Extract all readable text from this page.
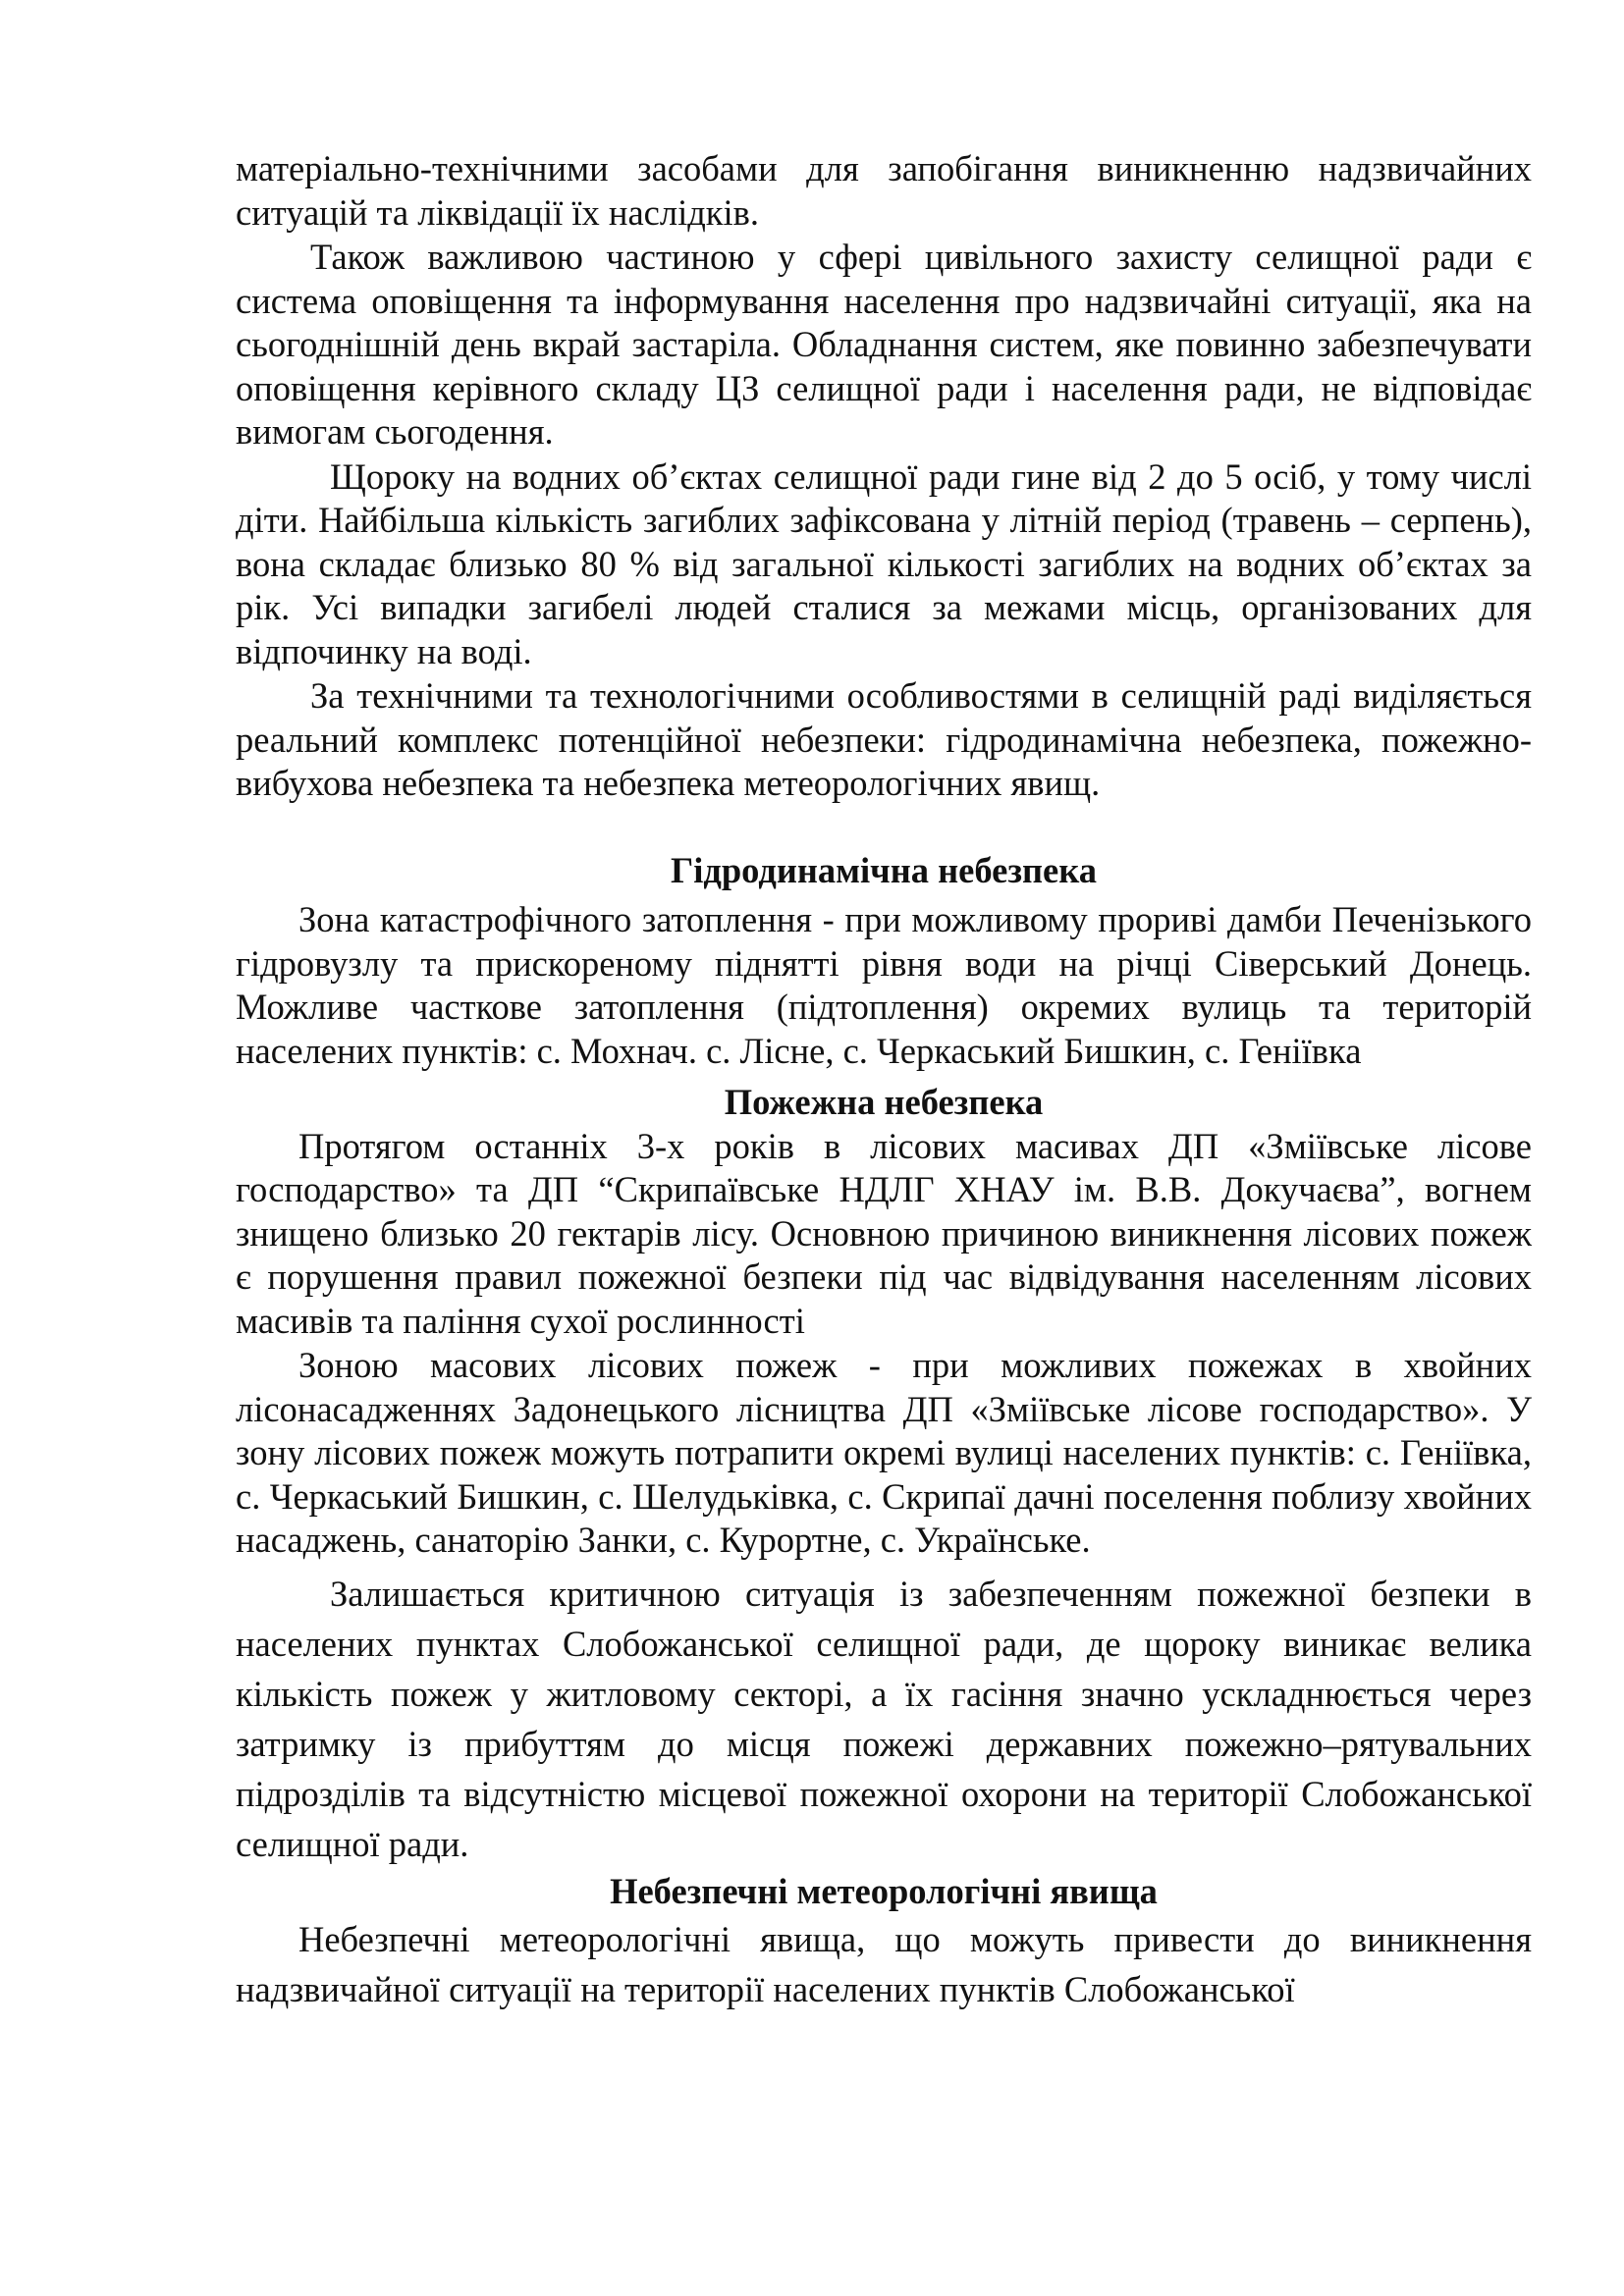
матеріально-технічними засобами для запобігання виникненню надзвичайних ситуацій та ліквідації їх наслідків.

Також важливою частиною у сфері цивільного захисту селищної ради є система оповіщення та інформування населення про надзвичайні ситуації, яка на сьогоднішній день вкрай застаріла. Обладнання систем, яке повинно забезпечувати оповіщення керівного складу ЦЗ селищної ради і населення ради, не відповідає вимогам сьогодення.

Щороку на водних об’єктах селищної ради гине від 2 до 5 осіб, у тому числі діти. Найбільша кількість загиблих зафіксована у літній період (травень – серпень), вона складає близько 80 % від загальної кількості загиблих на водних об’єктах за рік. Усі випадки загибелі людей сталися за межами місць, організованих для відпочинку на воді.

За технічними та технологічними особливостями в селищній раді виділяється реальний комплекс потенційної небезпеки: гідродинамічна небезпека, пожежно-вибухова небезпека та небезпека метеорологічних явищ.

Гідродинамічна небезпека

Зона катастрофічного затоплення - при можливому прориві дамби Печенізького гідровузлу та прискореному піднятті рівня води на річці Сіверський Донець. Можливе часткове затоплення (підтоплення) окремих вулиць та територій населених пунктів: с. Мохнач. с. Лісне, с. Черкаський Бишкин, с. Геніївка

Пожежна небезпека

Протягом останніх 3-х років в лісових масивах ДП «Зміївське лісове господарство» та ДП “Скрипаївське НДЛГ ХНАУ ім. В.В. Докучаєва”, вогнем знищено близько 20 гектарів лісу. Основною причиною виникнення лісових пожеж є порушення правил пожежної безпеки під час відвідування населенням лісових масивів та паління сухої рослинності

Зоною масових лісових пожеж - при можливих пожежах в хвойних лісонасадженнях Задонецького лісництва ДП «Зміївське лісове господарство». У зону лісових пожеж можуть потрапити окремі вулиці населених пунктів: с. Геніївка, с. Черкаський Бишкин, с. Шелудьківка, с. Скрипаї дачні поселення поблизу хвойних насаджень, санаторію Занки, с. Курортне, с. Українське.

Залишається критичною ситуація із забезпеченням пожежної безпеки в населених пунктах Слобожанської селищної ради, де щороку виникає велика кількість пожеж у житловому секторі, а їх гасіння значно ускладнюється через затримку із прибуттям до місця пожежі державних пожежно–рятувальних підрозділів та відсутністю місцевої пожежної охорони на території Слобожанської селищної ради.

Небезпечні метеорологічні явища

Небезпечні метеорологічні явища, що можуть привести до виникнення надзвичайної ситуації на території населених пунктів Слобожанської
